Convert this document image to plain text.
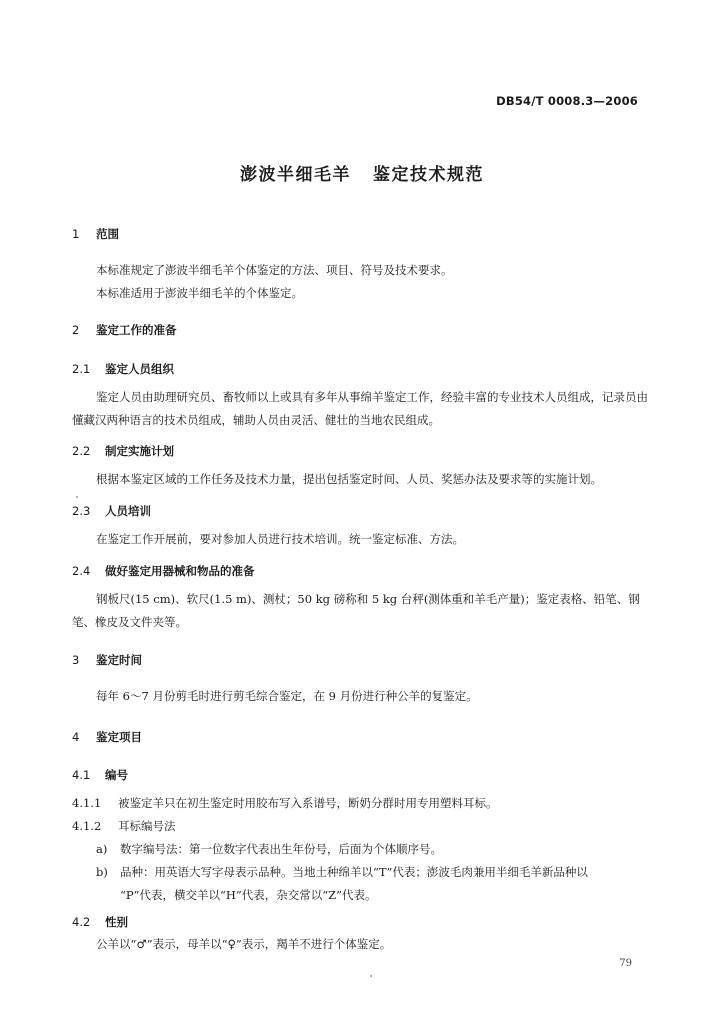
DB54/T 0008.3—2006
澎波半细毛羊 鉴定技术规范
1 范围
本标准规定了澎波半细毛羊个体鉴定的方法、项目、符号及技术要求。
本标准适用于澎波半细毛羊的个体鉴定。
2 鉴定工作的准备
2.1 鉴定人员组织
鉴定人员由助理研究员、畜牧师以上或具有多年从事绵羊鉴定工作，经验丰富的专业技术人员组成，记录员由懂藏汉两种语言的技术员组成，辅助人员由灵活、健壮的当地农民组成。
2.2 制定实施计划
根据本鉴定区域的工作任务及技术力量，提出包括鉴定时间、人员、奖惩办法及要求等的实施计划。
2.3 人员培训
在鉴定工作开展前，要对参加人员进行技术培训。统一鉴定标准、方法。
2.4 做好鉴定用器械和物品的准备
钢板尺(15 cm)、软尺(1.5 m)、测杖；50 kg 磅称和 5 kg 台秤(测体重和羊毛产量)；鉴定表格、铅笔、钢笔、橡皮及文件夹等。
3 鉴定时间
每年 6～7 月份剪毛时进行剪毛综合鉴定，在 9 月份进行种公羊的复鉴定。
4 鉴定项目
4.1 编号
4.1.1 被鉴定羊只在初生鉴定时用胶布写入系谱号，断奶分群时用专用塑料耳标。
4.1.2 耳标编号法
a) 数字编号法：第一位数字代表出生年份号，后面为个体顺序号。
b) 品种：用英语大写字母表示品种。当地土种绵羊以“T”代表；澎波毛肉兼用半细毛羊新品种以
“P”代表，横交羊以“H”代表，杂交常以“Z”代表。
4.2 性别
公羊以“♂”表示，母羊以“♀”表示，羯羊不进行个体鉴定。
79
